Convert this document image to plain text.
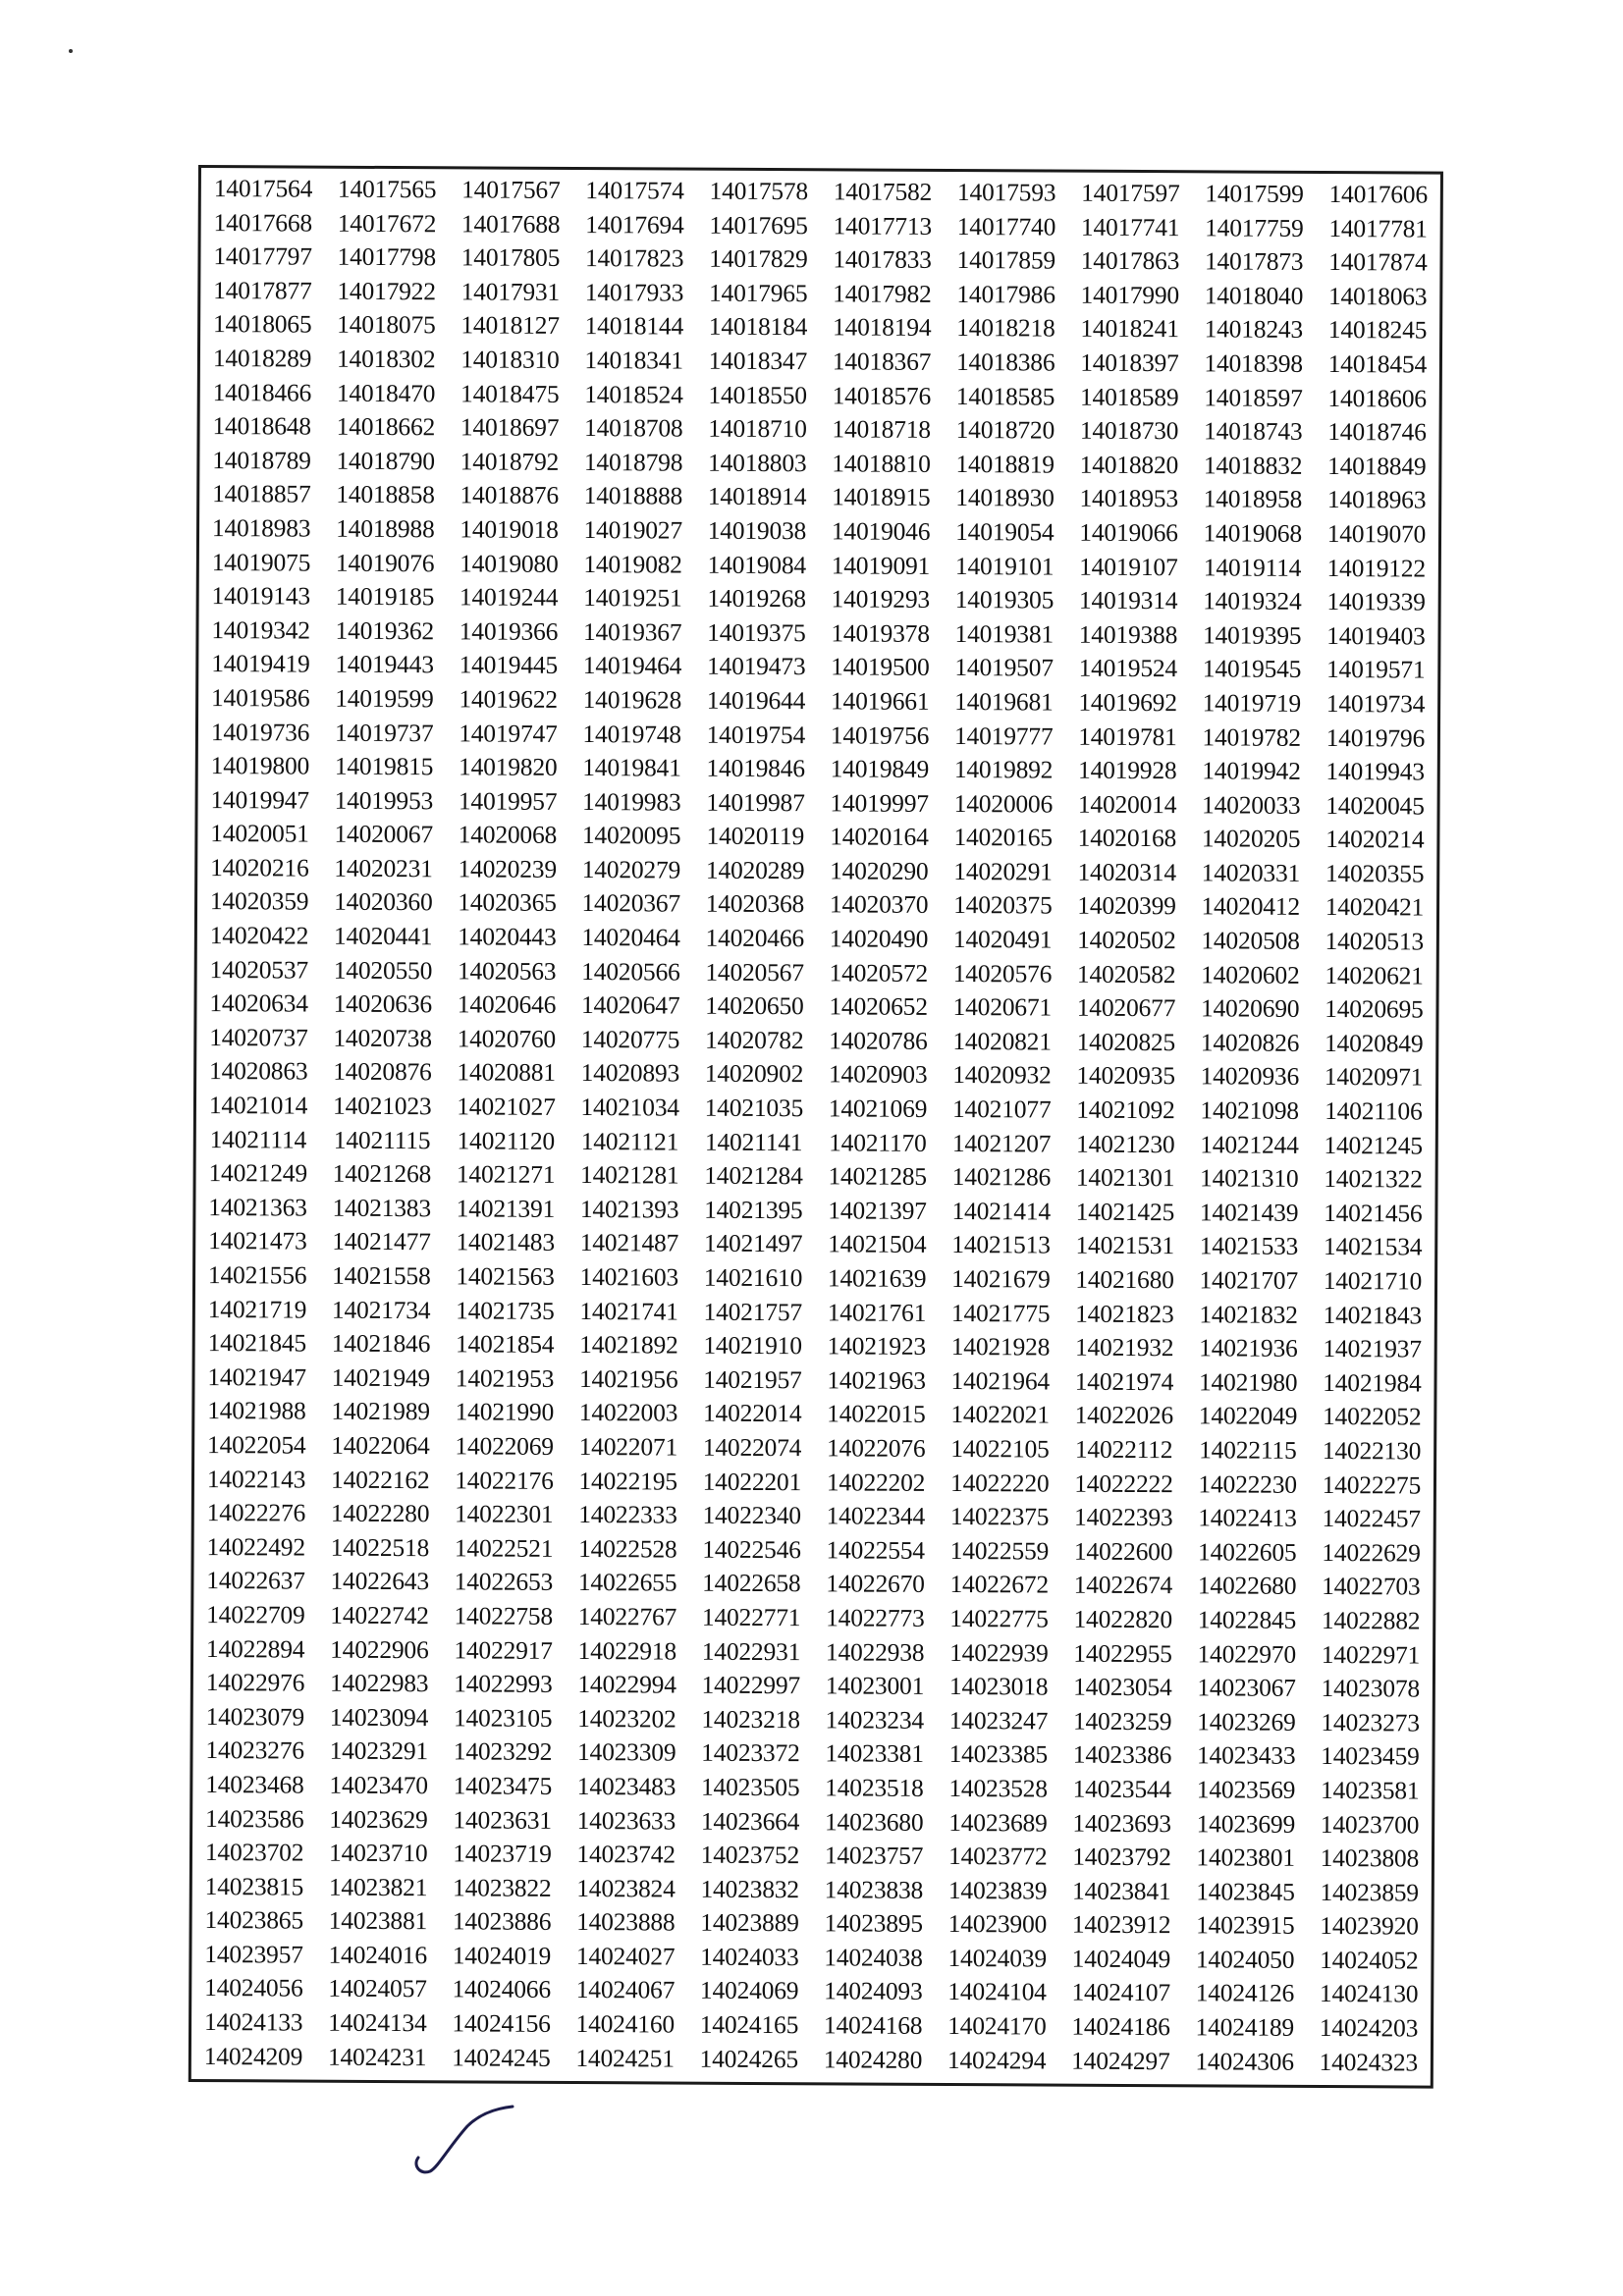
14017564	14017565	14017567	14017574	14017578	14017582	14017593	14017597	14017599	14017606
14017668	14017672	14017688	14017694	14017695	14017713	14017740	14017741	14017759	14017781
14017797	14017798	14017805	14017823	14017829	14017833	14017859	14017863	14017873	14017874
14017877	14017922	14017931	14017933	14017965	14017982	14017986	14017990	14018040	14018063
14018065	14018075	14018127	14018144	14018184	14018194	14018218	14018241	14018243	14018245
14018289	14018302	14018310	14018341	14018347	14018367	14018386	14018397	14018398	14018454
14018466	14018470	14018475	14018524	14018550	14018576	14018585	14018589	14018597	14018606
14018648	14018662	14018697	14018708	14018710	14018718	14018720	14018730	14018743	14018746
14018789	14018790	14018792	14018798	14018803	14018810	14018819	14018820	14018832	14018849
14018857	14018858	14018876	14018888	14018914	14018915	14018930	14018953	14018958	14018963
14018983	14018988	14019018	14019027	14019038	14019046	14019054	14019066	14019068	14019070
14019075	14019076	14019080	14019082	14019084	14019091	14019101	14019107	14019114	14019122
14019143	14019185	14019244	14019251	14019268	14019293	14019305	14019314	14019324	14019339
14019342	14019362	14019366	14019367	14019375	14019378	14019381	14019388	14019395	14019403
14019419	14019443	14019445	14019464	14019473	14019500	14019507	14019524	14019545	14019571
14019586	14019599	14019622	14019628	14019644	14019661	14019681	14019692	14019719	14019734
14019736	14019737	14019747	14019748	14019754	14019756	14019777	14019781	14019782	14019796
14019800	14019815	14019820	14019841	14019846	14019849	14019892	14019928	14019942	14019943
14019947	14019953	14019957	14019983	14019987	14019997	14020006	14020014	14020033	14020045
14020051	14020067	14020068	14020095	14020119	14020164	14020165	14020168	14020205	14020214
14020216	14020231	14020239	14020279	14020289	14020290	14020291	14020314	14020331	14020355
14020359	14020360	14020365	14020367	14020368	14020370	14020375	14020399	14020412	14020421
14020422	14020441	14020443	14020464	14020466	14020490	14020491	14020502	14020508	14020513
14020537	14020550	14020563	14020566	14020567	14020572	14020576	14020582	14020602	14020621
14020634	14020636	14020646	14020647	14020650	14020652	14020671	14020677	14020690	14020695
14020737	14020738	14020760	14020775	14020782	14020786	14020821	14020825	14020826	14020849
14020863	14020876	14020881	14020893	14020902	14020903	14020932	14020935	14020936	14020971
14021014	14021023	14021027	14021034	14021035	14021069	14021077	14021092	14021098	14021106
14021114	14021115	14021120	14021121	14021141	14021170	14021207	14021230	14021244	14021245
14021249	14021268	14021271	14021281	14021284	14021285	14021286	14021301	14021310	14021322
14021363	14021383	14021391	14021393	14021395	14021397	14021414	14021425	14021439	14021456
14021473	14021477	14021483	14021487	14021497	14021504	14021513	14021531	14021533	14021534
14021556	14021558	14021563	14021603	14021610	14021639	14021679	14021680	14021707	14021710
14021719	14021734	14021735	14021741	14021757	14021761	14021775	14021823	14021832	14021843
14021845	14021846	14021854	14021892	14021910	14021923	14021928	14021932	14021936	14021937
14021947	14021949	14021953	14021956	14021957	14021963	14021964	14021974	14021980	14021984
14021988	14021989	14021990	14022003	14022014	14022015	14022021	14022026	14022049	14022052
14022054	14022064	14022069	14022071	14022074	14022076	14022105	14022112	14022115	14022130
14022143	14022162	14022176	14022195	14022201	14022202	14022220	14022222	14022230	14022275
14022276	14022280	14022301	14022333	14022340	14022344	14022375	14022393	14022413	14022457
14022492	14022518	14022521	14022528	14022546	14022554	14022559	14022600	14022605	14022629
14022637	14022643	14022653	14022655	14022658	14022670	14022672	14022674	14022680	14022703
14022709	14022742	14022758	14022767	14022771	14022773	14022775	14022820	14022845	14022882
14022894	14022906	14022917	14022918	14022931	14022938	14022939	14022955	14022970	14022971
14022976	14022983	14022993	14022994	14022997	14023001	14023018	14023054	14023067	14023078
14023079	14023094	14023105	14023202	14023218	14023234	14023247	14023259	14023269	14023273
14023276	14023291	14023292	14023309	14023372	14023381	14023385	14023386	14023433	14023459
14023468	14023470	14023475	14023483	14023505	14023518	14023528	14023544	14023569	14023581
14023586	14023629	14023631	14023633	14023664	14023680	14023689	14023693	14023699	14023700
14023702	14023710	14023719	14023742	14023752	14023757	14023772	14023792	14023801	14023808
14023815	14023821	14023822	14023824	14023832	14023838	14023839	14023841	14023845	14023859
14023865	14023881	14023886	14023888	14023889	14023895	14023900	14023912	14023915	14023920
14023957	14024016	14024019	14024027	14024033	14024038	14024039	14024049	14024050	14024052
14024056	14024057	14024066	14024067	14024069	14024093	14024104	14024107	14024126	14024130
14024133	14024134	14024156	14024160	14024165	14024168	14024170	14024186	14024189	14024203
14024209	14024231	14024245	14024251	14024265	14024280	14024294	14024297	14024306	14024323
